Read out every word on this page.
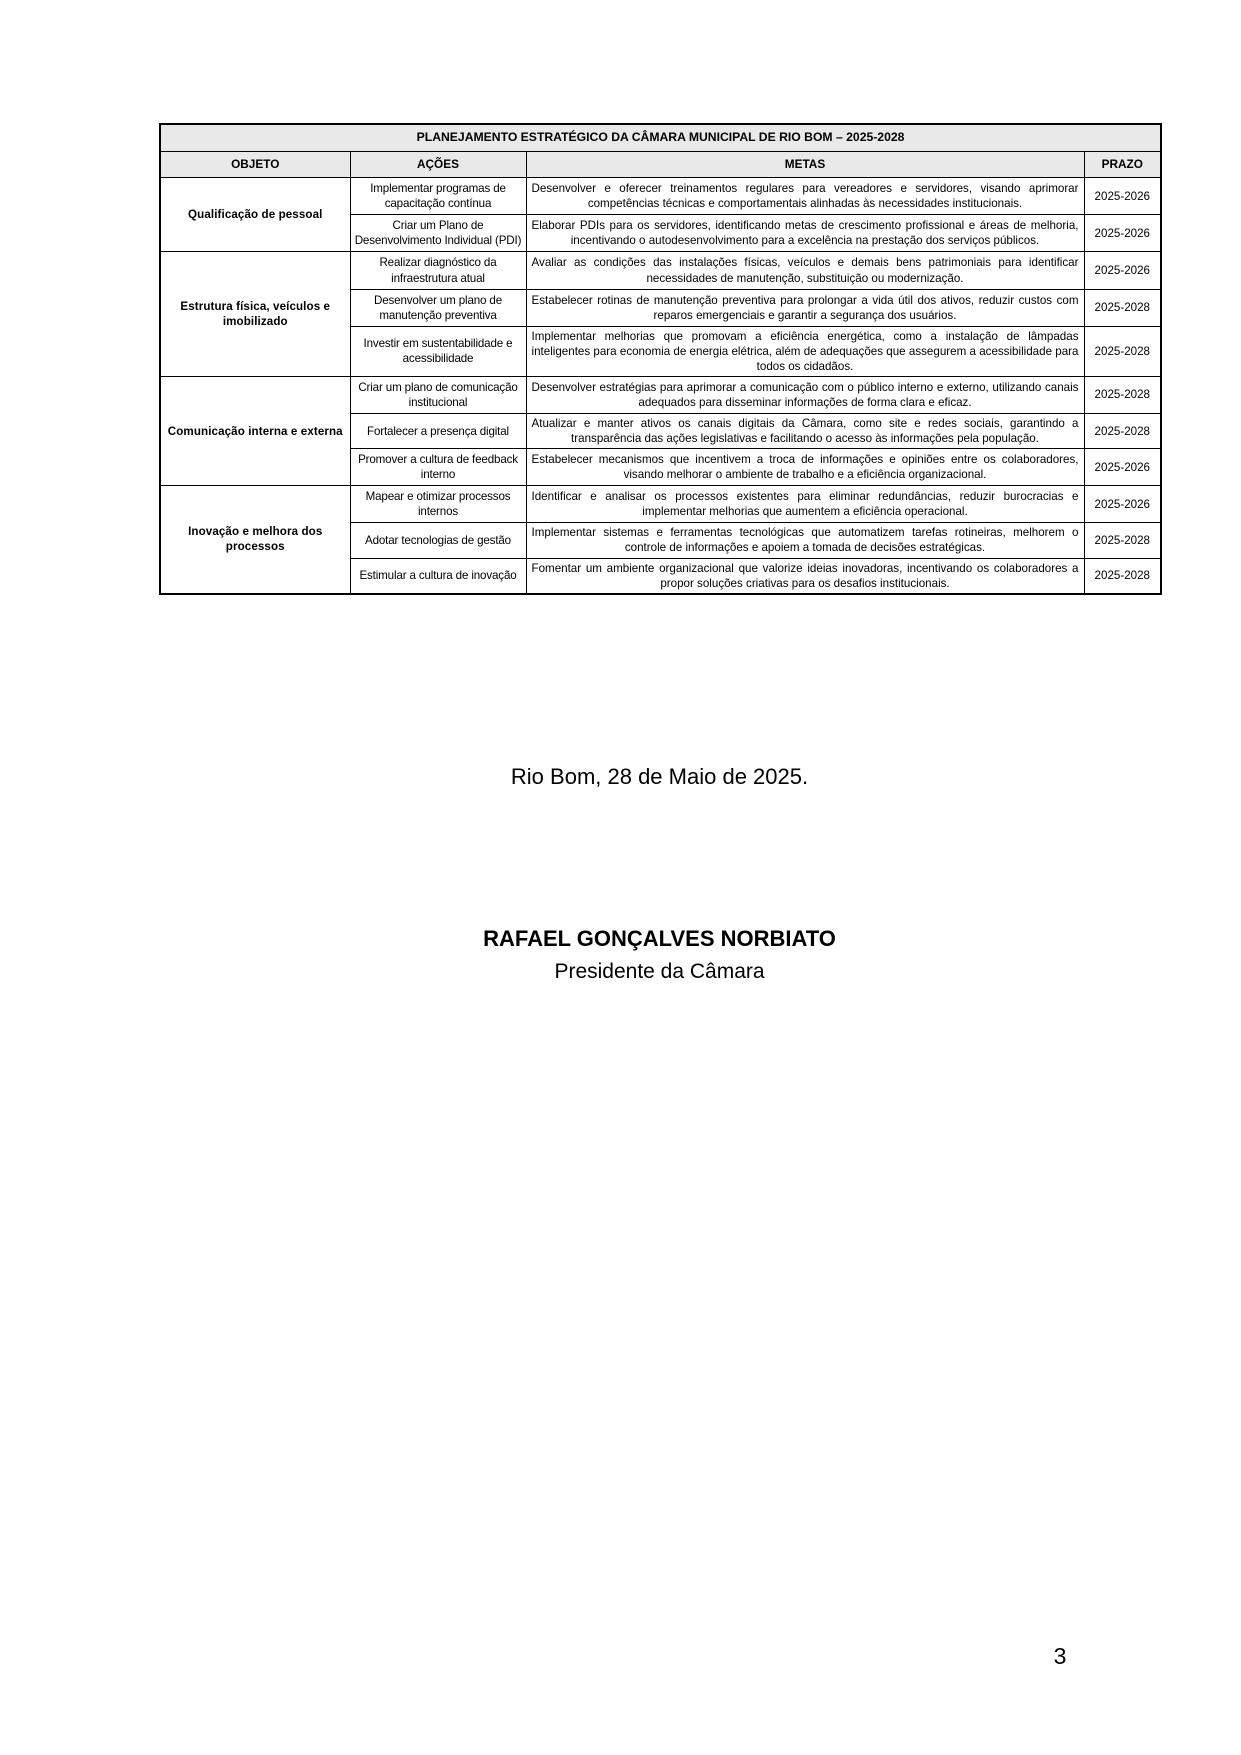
PLANEJAMENTO ESTRATÉGICO DA CÂMARA MUNICIPAL DE RIO BOM – 2025-2028			
OBJETO	AÇÕES	METAS	PRAZO
Qualificação de pessoal	Implementar programas de capacitação contínua	Desenvolver e oferecer treinamentos regulares para vereadores e servidores, visando aprimorar competências técnicas e comportamentais alinhadas às necessidades institucionais.	2025-2026
	Criar um Plano de Desenvolvimento Individual (PDI)	Elaborar PDIs para os servidores, identificando metas de crescimento profissional e áreas de melhoria, incentivando o autodesenvolvimento para a excelência na prestação dos serviços públicos.	2025-2026
Estrutura física, veículos e imobilizado	Realizar diagnóstico da infraestrutura atual	Avaliar as condições das instalações físicas, veículos e demais bens patrimoniais para identificar necessidades de manutenção, substituição ou modernização.	2025-2026
	Desenvolver um plano de manutenção preventiva	Estabelecer rotinas de manutenção preventiva para prolongar a vida útil dos ativos, reduzir custos com reparos emergenciais e garantir a segurança dos usuários.	2025-2028
	Investir em sustentabilidade e acessibilidade	Implementar melhorias que promovam a eficiência energética, como a instalação de lâmpadas inteligentes para economia de energia elétrica, além de adequações que assegurem a acessibilidade para todos os cidadãos.	2025-2028
Comunicação interna e externa	Criar um plano de comunicação institucional	Desenvolver estratégias para aprimorar a comunicação com o público interno e externo, utilizando canais adequados para disseminar informações de forma clara e eficaz.	2025-2028
	Fortalecer a presença digital	Atualizar e manter ativos os canais digitais da Câmara, como site e redes sociais, garantindo a transparência das ações legislativas e facilitando o acesso às informações pela população.	2025-2028
	Promover a cultura de feedback interno	Estabelecer mecanismos que incentivem a troca de informações e opiniões entre os colaboradores, visando melhorar o ambiente de trabalho e a eficiência organizacional.	2025-2026
Inovação e melhora dos processos	Mapear e otimizar processos internos	Identificar e analisar os processos existentes para eliminar redundâncias, reduzir burocracias e implementar melhorias que aumentem a eficiência operacional.	2025-2026
	Adotar tecnologias de gestão	Implementar sistemas e ferramentas tecnológicas que automatizem tarefas rotineiras, melhorem o controle de informações e apoiem a tomada de decisões estratégicas.	2025-2028
	Estimular a cultura de inovação	Fomentar um ambiente organizacional que valorize ideias inovadoras, incentivando os colaboradores a propor soluções criativas para os desafios institucionais.	2025-2028
Rio Bom, 28 de Maio de 2025.
RAFAEL GONÇALVES NORBIATO
Presidente da Câmara
3
